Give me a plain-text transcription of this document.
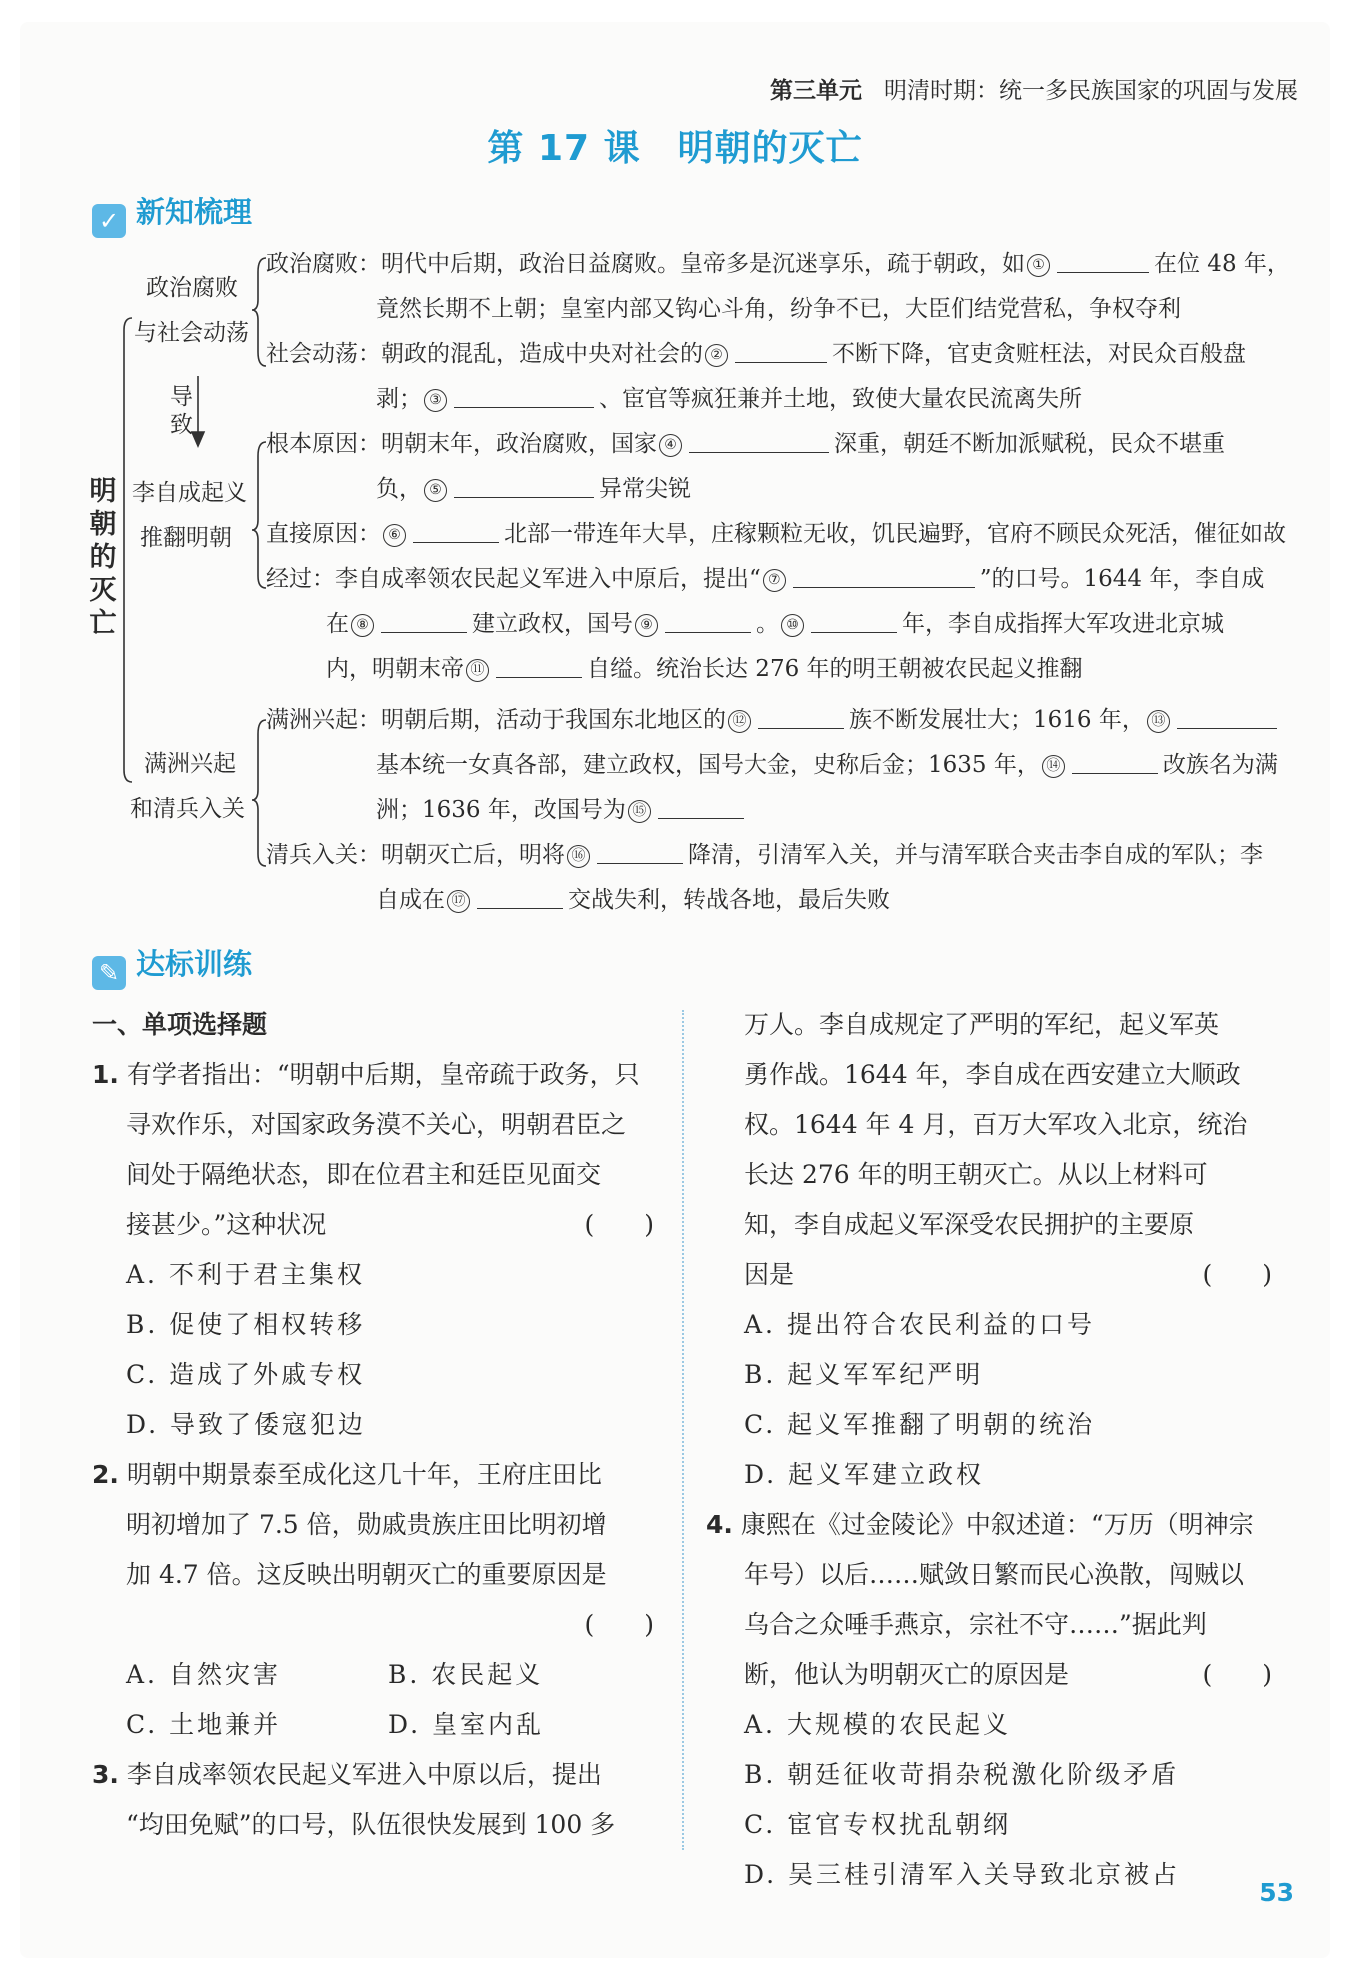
第三单元 明清时期：统一多民族国家的巩固与发展
第 17 课　明朝的灭亡
✓ 新知梳理
明朝的灭亡
政治腐败
与社会动荡
导
致
李自成起义
推翻明朝
满洲兴起
和清兵入关
政治腐败：明代中后期，政治日益腐败。皇帝多是沉迷享乐，疏于朝政，如 ①	在位 48 年，
竟然长期不上朝；皇室内部又钩心斗角，纷争不已，大臣们结党营私，争权夺利
社会动荡：朝政的混乱，造成中央对社会的 ②	不断下降，官吏贪赃枉法，对民众百般盘
剥； ③	、宦官等疯狂兼并土地，致使大量农民流离失所
根本原因：明朝末年，政治腐败，国家 ④	深重，朝廷不断加派赋税，民众不堪重
负， ⑤	异常尖锐
直接原因： ⑥	北部一带连年大旱，庄稼颗粒无收，饥民遍野，官府不顾民众死活，催征如故
经过：李自成率领农民起义军进入中原后，提出“ ⑦	”的口号。1644 年，李自成
在 ⑧	建立政权，国号 ⑨	。 ⑩	年，李自成指挥大军攻进北京城
内，明朝末帝 ⑪	自缢。统治长达 276 年的明王朝被农民起义推翻
满洲兴起：明朝后期，活动于我国东北地区的 ⑫	族不断发展壮大；1616 年， ⑬
基本统一女真各部，建立政权，国号大金，史称后金；1635 年， ⑭	改族名为满
洲；1636 年，改国号为 ⑮
清兵入关：明朝灭亡后，明将 ⑯	降清，引清军入关，并与清军联合夹击李自成的军队；李
自成在 ⑰	交战失利，转战各地，最后失败
✎ 达标训练
一、单项选择题
1. 有学者指出：“明朝中后期，皇帝疏于政务，只
寻欢作乐，对国家政务漠不关心，明朝君臣之
间处于隔绝状态，即在位君主和廷臣见面交
接甚少。”这种状况	(　　)
A. 不利于君主集权
B. 促使了相权转移
C. 造成了外戚专权
D. 导致了倭寇犯边
2. 明朝中期景泰至成化这几十年，王府庄田比
明初增加了 7.5 倍，勋戚贵族庄田比明初增
加 4.7 倍。这反映出明朝灭亡的重要原因是
(　　)
A. 自然灾害	B. 农民起义
C. 土地兼并	D. 皇室内乱
3. 李自成率领农民起义军进入中原以后，提出
“均田免赋”的口号，队伍很快发展到 100 多
万人。李自成规定了严明的军纪，起义军英
勇作战。1644 年，李自成在西安建立大顺政
权。1644 年 4 月，百万大军攻入北京，统治
长达 276 年的明王朝灭亡。从以上材料可
知，李自成起义军深受农民拥护的主要原
因是	(　　)
A. 提出符合农民利益的口号
B. 起义军军纪严明
C. 起义军推翻了明朝的统治
D. 起义军建立政权
4. 康熙在《过金陵论》中叙述道：“万历（明神宗
年号）以后……赋敛日繁而民心涣散，闯贼以
乌合之众唾手燕京，宗社不守……”据此判
断，他认为明朝灭亡的原因是	(　　)
A. 大规模的农民起义
B. 朝廷征收苛捐杂税激化阶级矛盾
C. 宦官专权扰乱朝纲
D. 吴三桂引清军入关导致北京被占
53
